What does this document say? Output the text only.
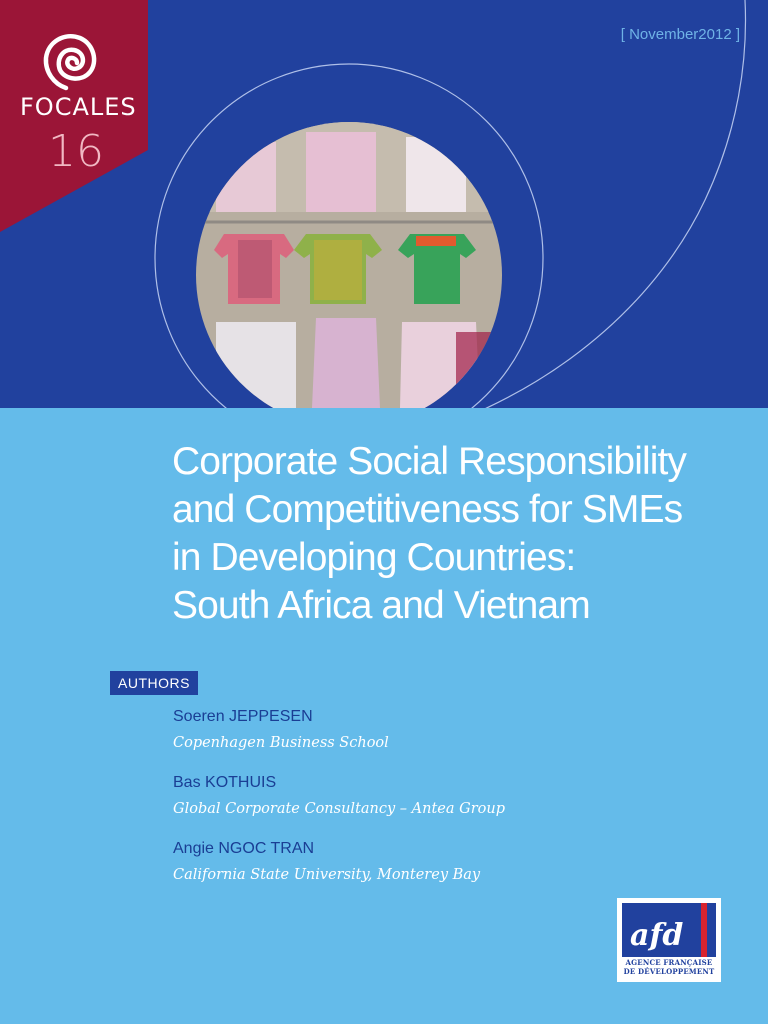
[ November2012 ]
FOCALES
16
Corporate Social Responsibility
and Competitiveness for SMEs
in Developing Countries:
South Africa and Vietnam
AUTHORS
Soeren JEPPESEN
Copenhagen Business School
Bas KOTHUIS
Global Corporate Consultancy – Antea Group
Angie NGOC TRAN
California State University, Monterey Bay
afd
AGENCE FRANÇAISE
DE DÉVELOPPEMENT
